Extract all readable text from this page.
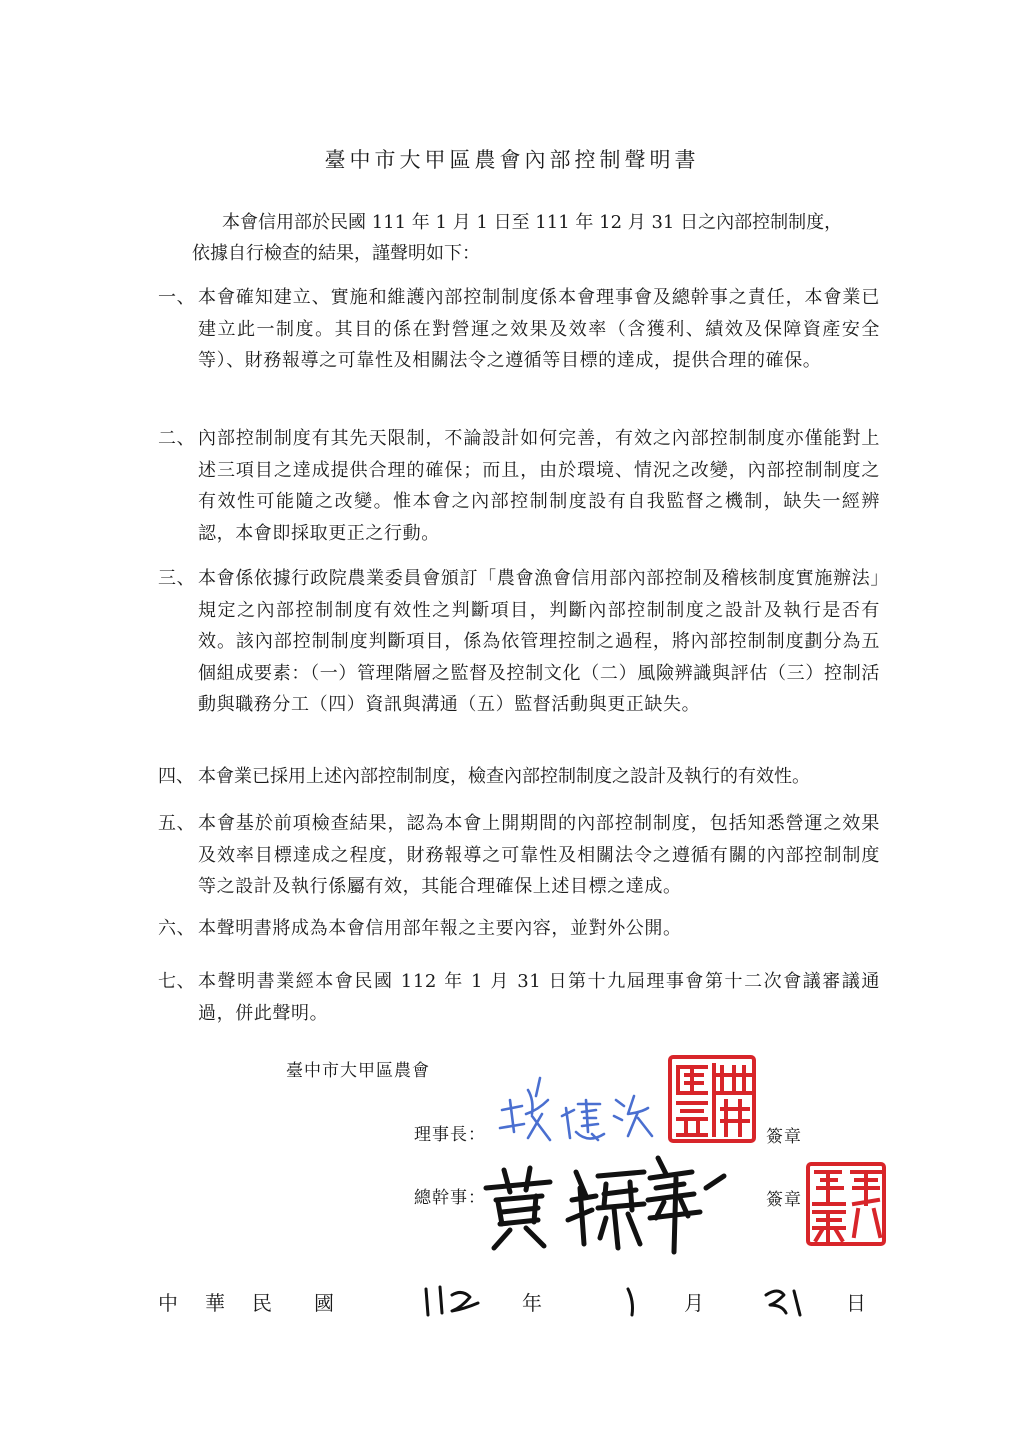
臺中市大甲區農會內部控制聲明書
本會信用部於民國 111 年 1 月 1 日至 111 年 12 月 31 日之內部控制制度，
依據自行檢查的結果，謹聲明如下：
一、 本會確知建立、實施和維護內部控制制度係本會理事會及總幹事之責任，本會業已建立此一制度。其目的係在對營運之效果及效率（含獲利、績效及保障資產安全等）、財務報導之可靠性及相關法令之遵循等目標的達成，提供合理的確保。
二、 內部控制制度有其先天限制，不論設計如何完善，有效之內部控制制度亦僅能對上述三項目之達成提供合理的確保；而且，由於環境、情況之改變，內部控制制度之有效性可能隨之改變。惟本會之內部控制制度設有自我監督之機制，缺失一經辨認，本會即採取更正之行動。
三、 本會係依據行政院農業委員會頒訂「農會漁會信用部內部控制及稽核制度實施辦法」規定之內部控制制度有效性之判斷項目，判斷內部控制制度之設計及執行是否有效。該內部控制制度判斷項目，係為依管理控制之過程，將內部控制制度劃分為五個組成要素：（一）管理階層之監督及控制文化（二）風險辨識與評估（三）控制活動與職務分工（四）資訊與溝通（五）監督活動與更正缺失。
四、 本會業已採用上述內部控制制度，檢查內部控制制度之設計及執行的有效性。
五、 本會基於前項檢查結果，認為本會上開期間的內部控制制度，包括知悉營運之效果及效率目標達成之程度，財務報導之可靠性及相關法令之遵循有關的內部控制制度等之設計及執行係屬有效，其能合理確保上述目標之達成。
六、 本聲明書將成為本會信用部年報之主要內容，並對外公開。
七、 本聲明書業經本會民國 112 年 1 月 31 日第十九屆理事會第十二次會議審議通過，併此聲明。
臺中市大甲區農會
理事長：	簽章
總幹事：	簽章
中 華 民 國	年	月	日
